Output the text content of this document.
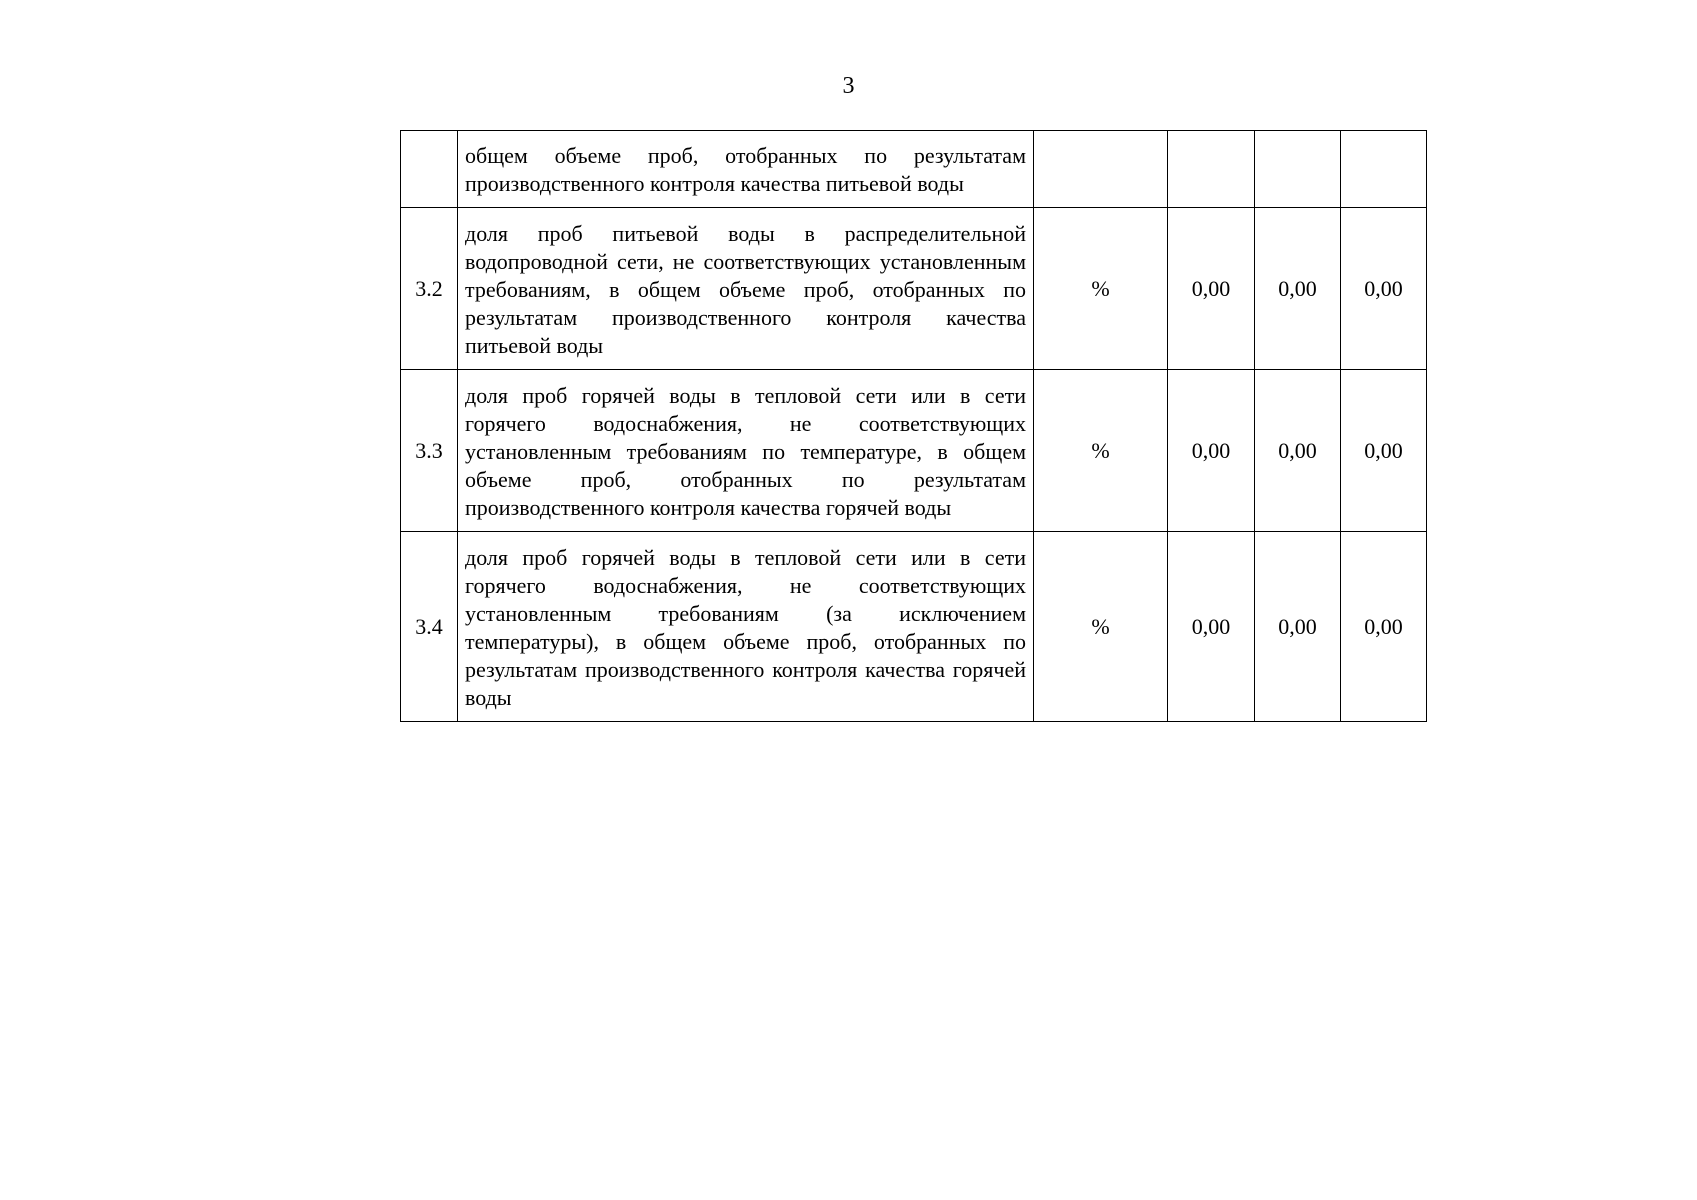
3
	общем объеме проб, отобранных по результатам производственного контроля качества питьевой воды				
3.2	доля проб питьевой воды в распределительной водопроводной сети, не соответствующих установленным требованиям, в общем объеме проб, отобранных по результатам производственного контроля качества питьевой воды	%	0,00	0,00	0,00
3.3	доля проб горячей воды в тепловой сети или в сети горячего водоснабжения, не соответствующих установленным требованиям по температуре, в общем объеме проб, отобранных по результатам производственного контроля качества горячей воды	%	0,00	0,00	0,00
3.4	доля проб горячей воды в тепловой сети или в сети горячего водоснабжения, не соответствующих установленным требованиям (за исключением температуры), в общем объеме проб, отобранных по результатам производственного контроля качества горячей воды	%	0,00	0,00	0,00
